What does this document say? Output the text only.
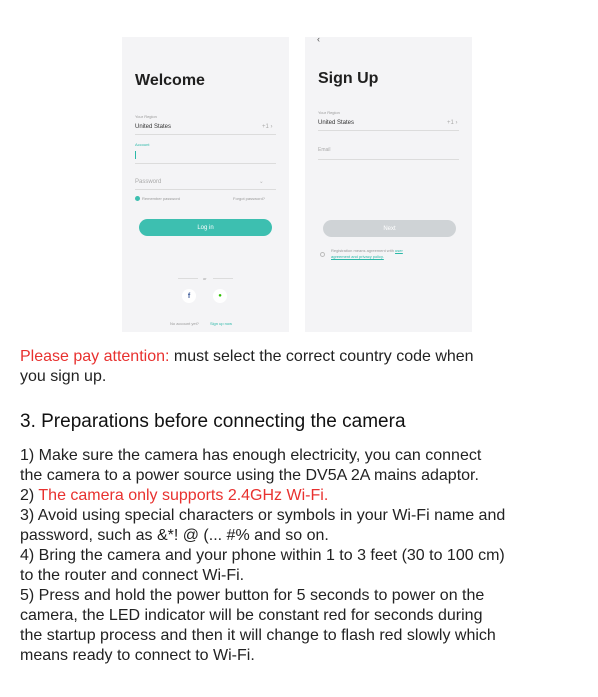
Welcome
Your Region
United States	+1 ›
Account
Password	⌣
Remember password	Forgot password?
Log in
or
f	●
No account yet?	Sign up now
‹
Sign Up
Your Region
United States	+1 ›
Email
Next
Registration means agreement with user
agreement and privacy policy.
Please pay attention: must select the correct country code when
you sign up.
3. Preparations before connecting the camera
1) Make sure the camera has enough electricity, you can connect
the camera to a power source using the DV5A 2A mains adaptor.
2) The camera only supports 2.4GHz Wi-Fi.
3) Avoid using special characters or symbols in your Wi-Fi name and
password, such as &*! @ (... #% and so on.
4) Bring the camera and your phone within 1 to 3 feet (30 to 100 cm)
to the router and connect Wi-Fi.
5) Press and hold the power button for 5 seconds to power on the
camera, the LED indicator will be constant red for seconds during
the startup process and then it will change to flash red slowly which
means ready to connect to Wi-Fi.
